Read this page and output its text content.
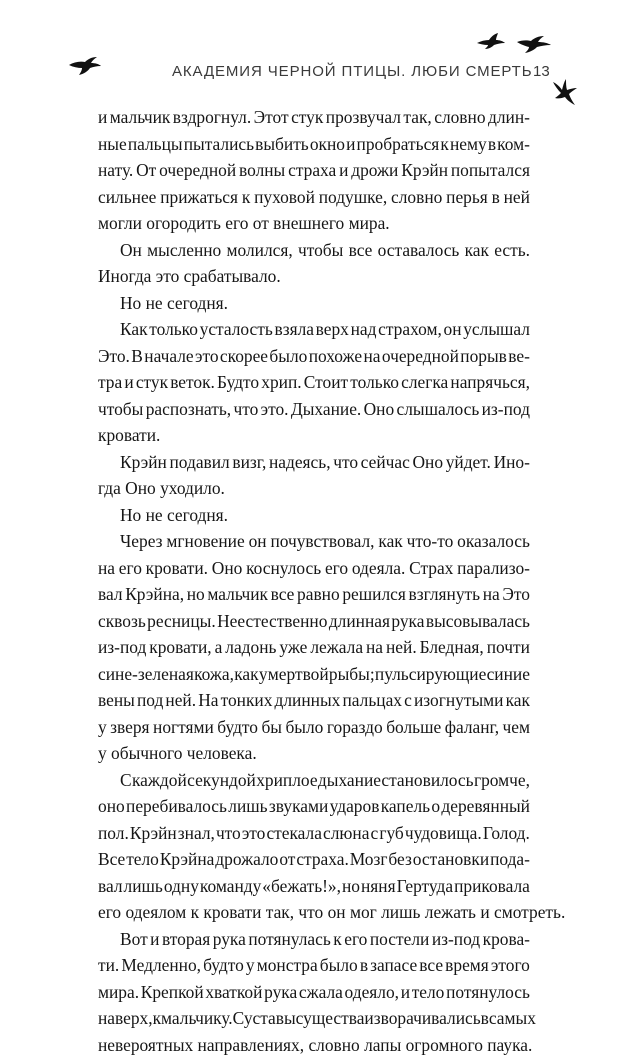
АКАДЕМИЯ ЧЕРНОЙ ПТИЦЫ. ЛЮБИ СМЕРТЬ 13
и мальчик вздрогнул. Этот стук прозвучал так, словно длин-
ные пальцы пытались выбить окно и пробраться к нему в ком-
нату. От очередной волны страха и дрожи Крэйн попытался
сильнее прижаться к пуховой подушке, словно перья в ней
могли огородить его от внешнего мира.
Он мысленно молился, чтобы все оставалось как есть.
Иногда это срабатывало.
Но не сегодня.
Как только усталость взяла верх над страхом, он услышал
Это. В начале это скорее было похоже на очередной порыв ве-
тра и стук веток. Будто хрип. Стоит только слегка напрячься,
чтобы распознать, что это. Дыхание. Оно слышалось из-под
кровати.
Крэйн подавил визг, надеясь, что сейчас Оно уйдет. Ино-
гда Оно уходило.
Но не сегодня.
Через мгновение он почувствовал, как что-то оказалось
на его кровати. Оно коснулось его одеяла. Страх парализо-
вал Крэйна, но мальчик все равно решился взглянуть на Это
сквозь ресницы. Неестественно длинная рука высовывалась
из-под кровати, а ладонь уже лежала на ней. Бледная, почти
сине-зеленая кожа, как у мертвой рыбы; пульсирующие синие
вены под ней. На тонких длинных пальцах с изогнутыми как
у зверя ногтями будто бы было гораздо больше фаланг, чем
у обычного человека.
С каждой секундой хриплое дыхание становилось громче,
оно перебивалось лишь звуками ударов капель о деревянный
пол. Крэйн знал, что это стекала слюна с губ чудовища. Голод.
Все тело Крэйна дрожало от страха. Мозг без остановки пода-
вал лишь одну команду «бежать!», но няня Гертуда приковала
его одеялом к кровати так, что он мог лишь лежать и смотреть.
Вот и вторая рука потянулась к его постели из-под крова-
ти. Медленно, будто у монстра было в запасе все время этого
мира. Крепкой хваткой рука сжала одеяло, и тело потянулось
наверх, к мальчику. Суставы существа изворачивались в самых
невероятных направлениях, словно лапы огромного паука.
